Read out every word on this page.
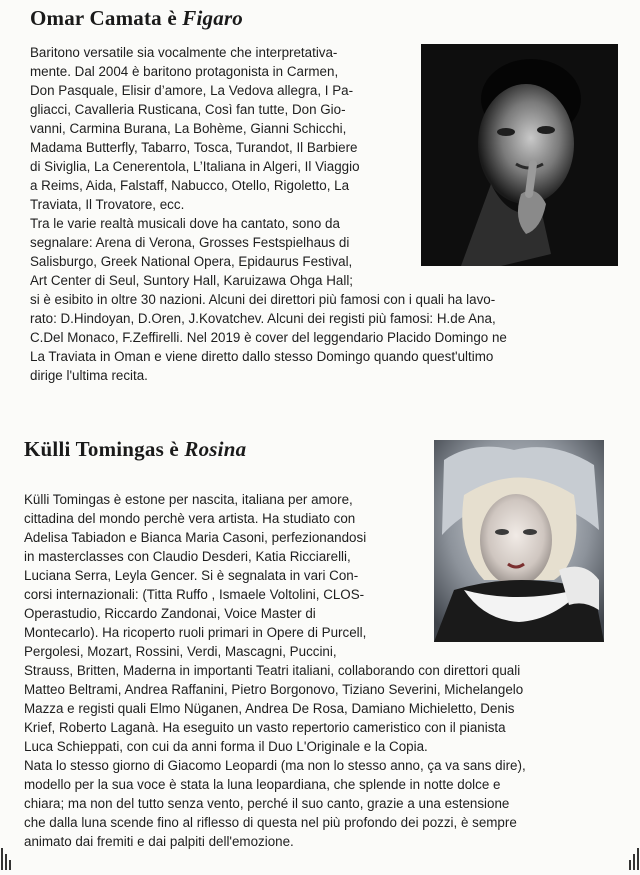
Omar Camata è Figaro
Baritono versatile sia vocalmente che interpretativa-
mente. Dal 2004 è baritono protagonista in Carmen,
Don Pasquale, Elisir d’amore, La Vedova allegra, I Pa-
gliacci, Cavalleria Rusticana, Così fan tutte, Don Gio-
vanni, Carmina Burana, La Bohème, Gianni Schicchi,
Madama Butterfly, Tabarro, Tosca, Turandot, Il Barbiere
di Siviglia, La Cenerentola, L’Italiana in Algeri, Il Viaggio
a Reims, Aida, Falstaff, Nabucco, Otello, Rigoletto, La
Traviata, Il Trovatore, ecc.
Tra le varie realtà musicali dove ha cantato, sono da
segnalare: Arena di Verona, Grosses Festspielhaus di
Salisburgo, Greek National Opera, Epidaurus Festival,
Art Center di Seul, Suntory Hall, Karuizawa Ohga Hall;
si è esibito in oltre 30 nazioni. Alcuni dei direttori più famosi con i quali ha lavo-
rato: D.Hindoyan, D.Oren, J.Kovatchev. Alcuni dei registi più famosi: H.de Ana,
C.Del Monaco, F.Zeffirelli. Nel 2019 è cover del leggendario Placido Domingo ne
La Traviata in Oman e viene diretto dallo stesso Domingo quando quest'ultimo
dirige l'ultima recita.
Külli Tomingas è Rosina
Külli Tomingas è estone per nascita, italiana per amore,
cittadina del mondo perchè vera artista. Ha studiato con
Adelisa Tabiadon e Bianca Maria Casoni, perfezionandosi
in masterclasses con Claudio Desderi, Katia Ricciarelli,
Luciana Serra, Leyla Gencer. Si è segnalata in vari Con-
corsi internazionali: (Titta Ruffo , Ismaele Voltolini, CLOS-
Operastudio, Riccardo Zandonai, Voice Master di
Montecarlo). Ha ricoperto ruoli primari in Opere di Purcell,
Pergolesi, Mozart, Rossini, Verdi, Mascagni, Puccini,
Strauss, Britten, Maderna in importanti Teatri italiani, collaborando con direttori quali
Matteo Beltrami, Andrea Raffanini, Pietro Borgonovo, Tiziano Severini, Michelangelo
Mazza e registi quali Elmo Nüganen, Andrea De Rosa, Damiano Michieletto, Denis
Krief, Roberto Laganà. Ha eseguito un vasto repertorio cameristico con il pianista
Luca Schieppati, con cui da anni forma il Duo L'Originale e la Copia.
Nata lo stesso giorno di Giacomo Leopardi (ma non lo stesso anno, ça va sans dire),
modello per la sua voce è stata la luna leopardiana, che splende in notte dolce e
chiara; ma non del tutto senza vento, perché il suo canto, grazie a una estensione
che dalla luna scende fino al riflesso di questa nel più profondo dei pozzi, è sempre
animato dai fremiti e dai palpiti dell'emozione.
